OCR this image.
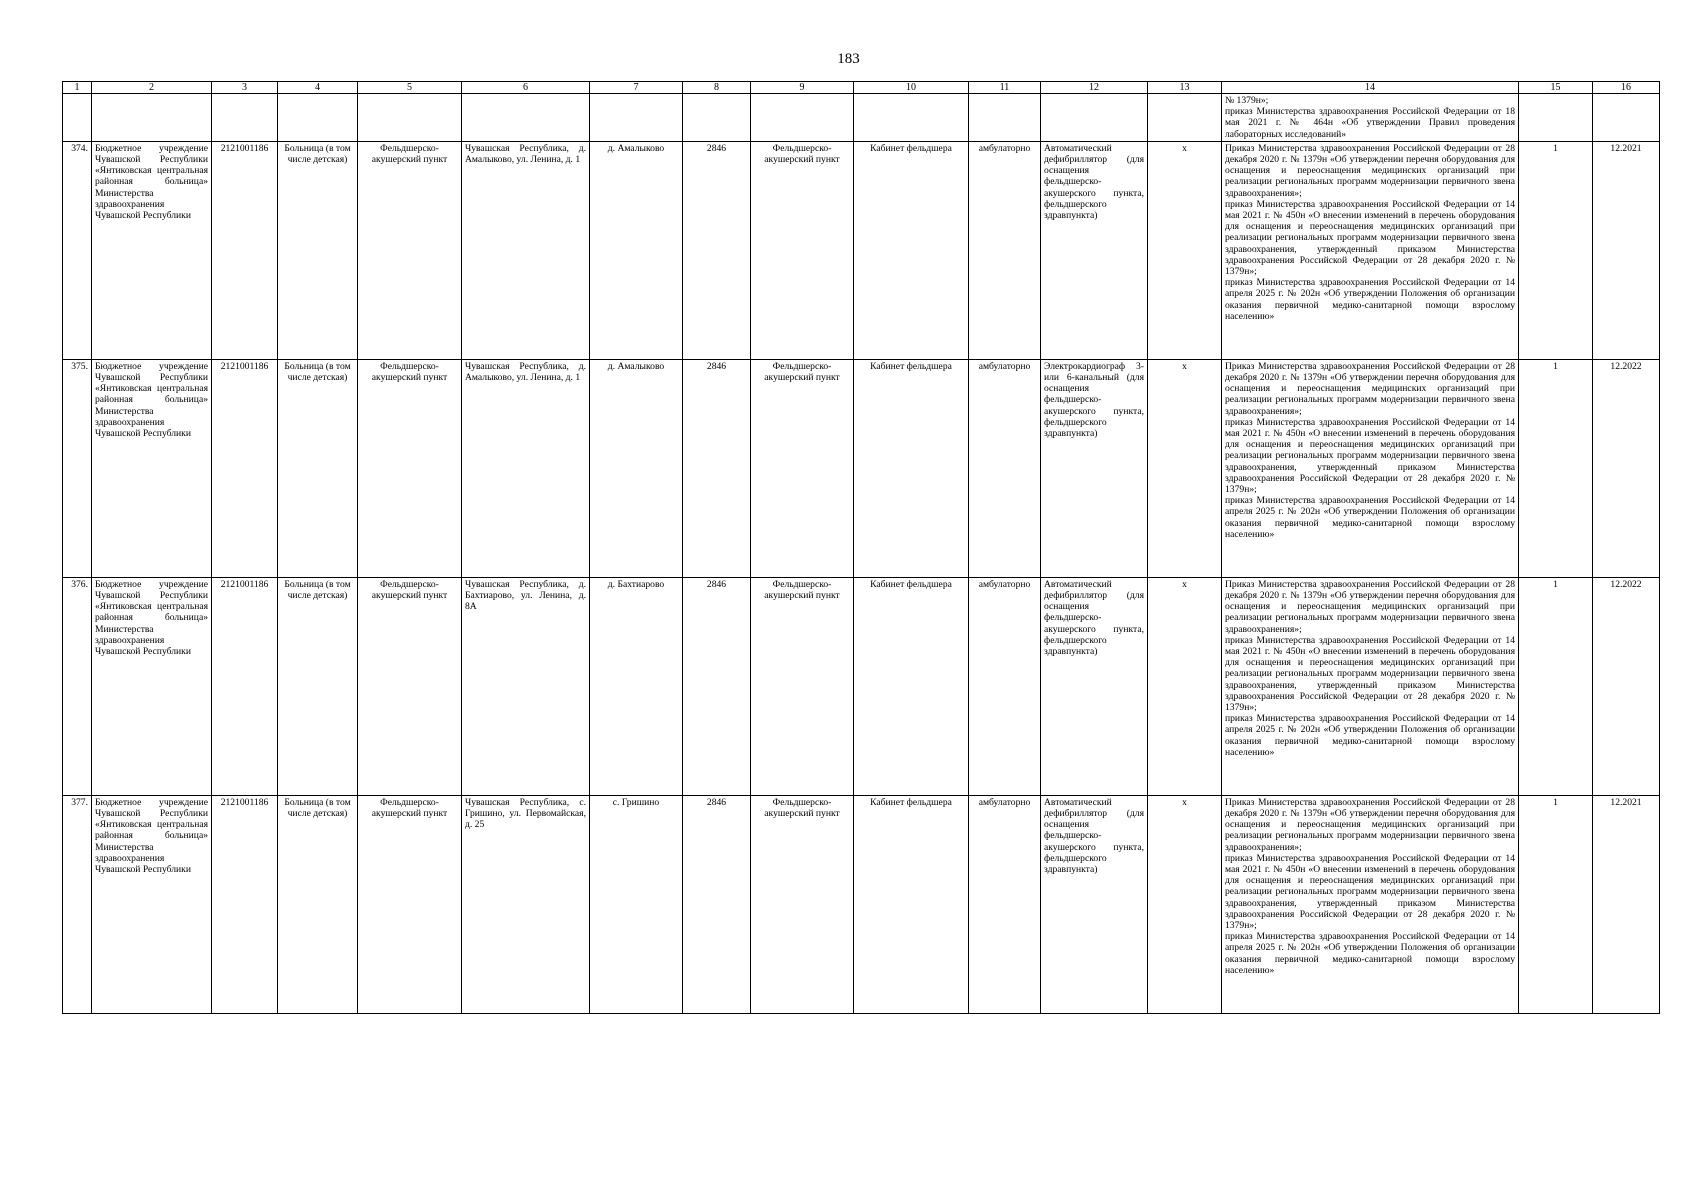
183
1	2	3	4	5	6	7	8	9	10	11	12	13	14	15	16
													№ 1379н»;
приказ Министерства здравоохранения Российской Федерации от 18 мая 2021 г. № 464н «Об утверждении Правил проведения лабораторных исследований»		
374.	Бюджетное учреждение Чувашской Республики «Янтиковская центральная районная больница» Министерства здравоохранения Чувашской Республики	2121001186	Больница (в том числе детская)	Фельдшерско-акушерский пункт	Чувашская Республика, д. Амалыково, ул. Ленина, д. 1	д. Амалыково	2846	Фельдшерско-акушерский пункт	Кабинет фельдшера	амбулаторно	Автоматический дефибриллятор (для оснащения фельдшерско-акушерского пункта, фельдшерского здравпункта)	х	Приказ Министерства здравоохранения Российской Федерации от 28 декабря 2020 г. № 1379н «Об утверждении перечня оборудования для оснащения и переоснащения медицинских организаций при реализации региональных программ модернизации первичного звена здравоохранения»;
приказ Министерства здравоохранения Российской Федерации от 14 мая 2021 г. № 450н «О внесении изменений в перечень оборудования для оснащения и переоснащения медицинских организаций при реализации региональных программ модернизации первичного звена здравоохранения, утвержденный приказом Министерства здравоохранения Российской Федерации от 28 декабря 2020 г. № 1379н»;
приказ Министерства здравоохранения Российской Федерации от 14 апреля 2025 г. № 202н «Об утверждении Положения об организации оказания первичной медико-санитарной помощи взрослому населению»	1	12.2021
375.	Бюджетное учреждение Чувашской Республики «Янтиковская центральная районная больница» Министерства здравоохранения Чувашской Республики	2121001186	Больница (в том числе детская)	Фельдшерско-акушерский пункт	Чувашская Республика, д. Амалыково, ул. Ленина, д. 1	д. Амалыково	2846	Фельдшерско-акушерский пункт	Кабинет фельдшера	амбулаторно	Электрокардиограф 3- или 6-канальный (для оснащения фельдшерско-акушерского пункта, фельдшерского здравпункта)	х	Приказ Министерства здравоохранения Российской Федерации от 28 декабря 2020 г. № 1379н «Об утверждении перечня оборудования для оснащения и переоснащения медицинских организаций при реализации региональных программ модернизации первичного звена здравоохранения»;
приказ Министерства здравоохранения Российской Федерации от 14 мая 2021 г. № 450н «О внесении изменений в перечень оборудования для оснащения и переоснащения медицинских организаций при реализации региональных программ модернизации первичного звена здравоохранения, утвержденный приказом Министерства здравоохранения Российской Федерации от 28 декабря 2020 г. № 1379н»;
приказ Министерства здравоохранения Российской Федерации от 14 апреля 2025 г. № 202н «Об утверждении Положения об организации оказания первичной медико-санитарной помощи взрослому населению»	1	12.2022
376.	Бюджетное учреждение Чувашской Республики «Янтиковская центральная районная больница» Министерства здравоохранения Чувашской Республики	2121001186	Больница (в том числе детская)	Фельдшерско-акушерский пункт	Чувашская Республика, д. Бахтиарово, ул. Ленина, д. 8А	д. Бахтиарово	2846	Фельдшерско-акушерский пункт	Кабинет фельдшера	амбулаторно	Автоматический дефибриллятор (для оснащения фельдшерско-акушерского пункта, фельдшерского здравпункта)	х	Приказ Министерства здравоохранения Российской Федерации от 28 декабря 2020 г. № 1379н «Об утверждении перечня оборудования для оснащения и переоснащения медицинских организаций при реализации региональных программ модернизации первичного звена здравоохранения»;
приказ Министерства здравоохранения Российской Федерации от 14 мая 2021 г. № 450н «О внесении изменений в перечень оборудования для оснащения и переоснащения медицинских организаций при реализации региональных программ модернизации первичного звена здравоохранения, утвержденный приказом Министерства здравоохранения Российской Федерации от 28 декабря 2020 г. № 1379н»;
приказ Министерства здравоохранения Российской Федерации от 14 апреля 2025 г. № 202н «Об утверждении Положения об организации оказания первичной медико-санитарной помощи взрослому населению»	1	12.2022
377.	Бюджетное учреждение Чувашской Республики «Янтиковская центральная районная больница» Министерства здравоохранения Чувашской Республики	2121001186	Больница (в том числе детская)	Фельдшерско-акушерский пункт	Чувашская Республика, с. Гришино, ул. Первомайская, д. 25	с. Гришино	2846	Фельдшерско-акушерский пункт	Кабинет фельдшера	амбулаторно	Автоматический дефибриллятор (для оснащения фельдшерско-акушерского пункта, фельдшерского здравпункта)	х	Приказ Министерства здравоохранения Российской Федерации от 28 декабря 2020 г. № 1379н «Об утверждении перечня оборудования для оснащения и переоснащения медицинских организаций при реализации региональных программ модернизации первичного звена здравоохранения»;
приказ Министерства здравоохранения Российской Федерации от 14 мая 2021 г. № 450н «О внесении изменений в перечень оборудования для оснащения и переоснащения медицинских организаций при реализации региональных программ модернизации первичного звена здравоохранения, утвержденный приказом Министерства здравоохранения Российской Федерации от 28 декабря 2020 г. № 1379н»;
приказ Министерства здравоохранения Российской Федерации от 14 апреля 2025 г. № 202н «Об утверждении Положения об организации оказания первичной медико-санитарной помощи взрослому населению»	1	12.2021
